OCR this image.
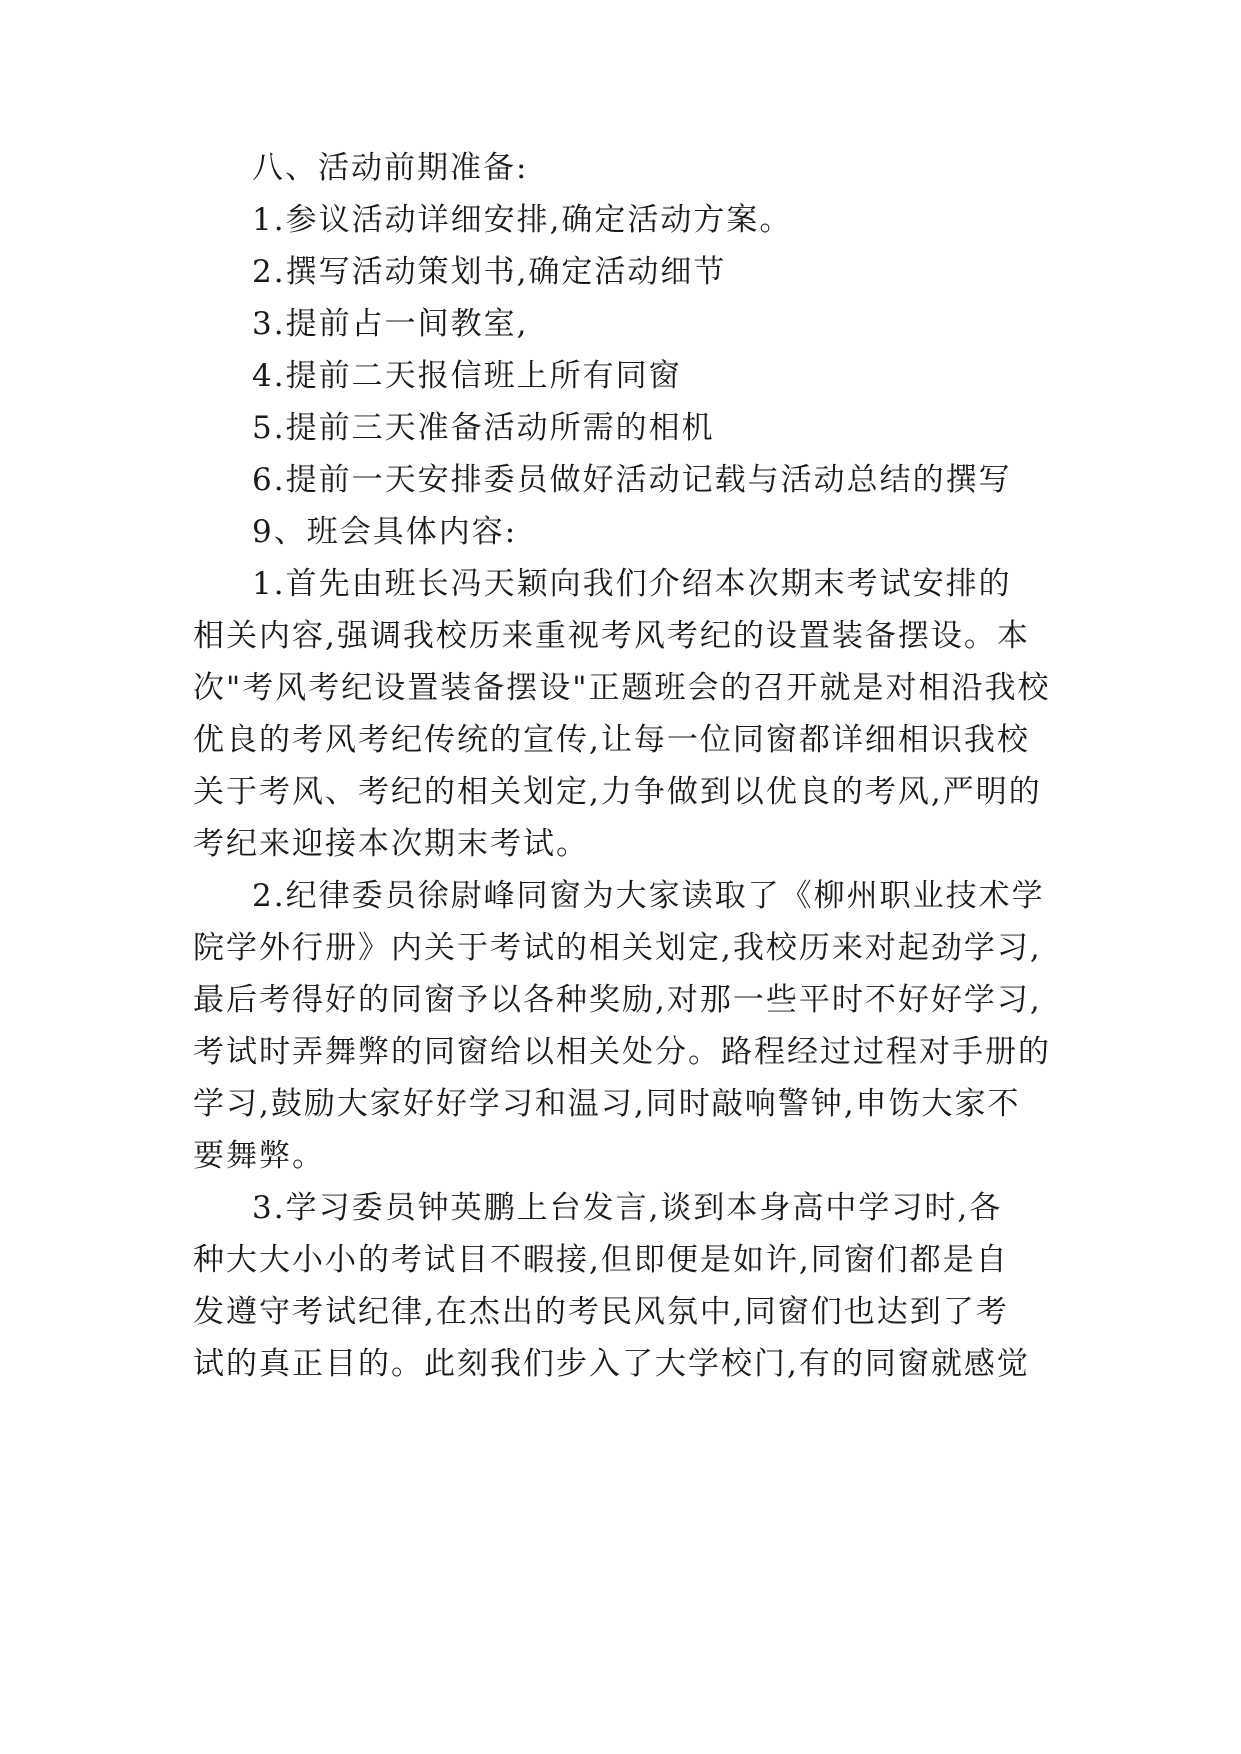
八、活动前期准备:

1.参议活动详细安排,确定活动方案。

2.撰写活动策划书,确定活动细节

3.提前占一间教室,

4.提前二天报信班上所有同窗

5.提前三天准备活动所需的相机

6.提前一天安排委员做好活动记载与活动总结的撰写

9、班会具体内容:

1.首先由班长冯天颖向我们介绍本次期末考试安排的

相关内容,强调我校历来重视考风考纪的设置装备摆设。本

次"考风考纪设置装备摆设"正题班会的召开就是对相沿我校

优良的考风考纪传统的宣传,让每一位同窗都详细相识我校

关于考风、考纪的相关划定,力争做到以优良的考风,严明的

考纪来迎接本次期末考试。

2.纪律委员徐尉峰同窗为大家读取了《柳州职业技术学

院学外行册》内关于考试的相关划定,我校历来对起劲学习,

最后考得好的同窗予以各种奖励,对那一些平时不好好学习,

考试时弄舞弊的同窗给以相关处分。路程经过过程对手册的

学习,鼓励大家好好学习和温习,同时敲响警钟,申饬大家不

要舞弊。

3.学习委员钟英鹏上台发言,谈到本身高中学习时,各

种大大小小的考试目不暇接,但即便是如许,同窗们都是自

发遵守考试纪律,在杰出的考民风氛中,同窗们也达到了考

试的真正目的。此刻我们步入了大学校门,有的同窗就感觉
